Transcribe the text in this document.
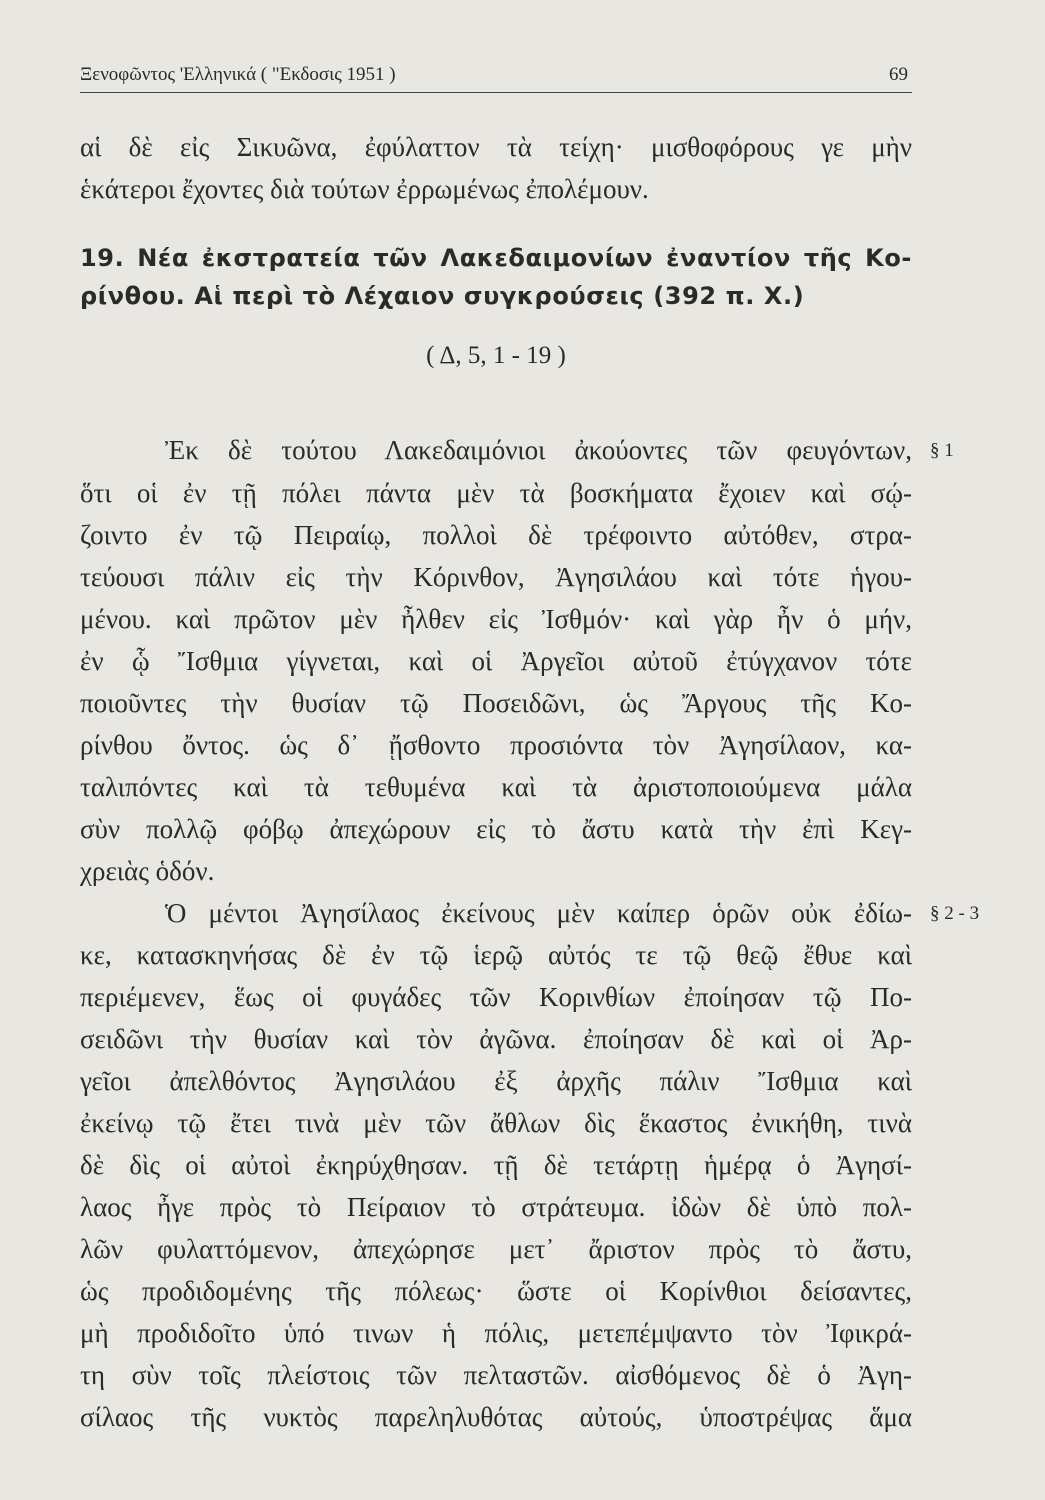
Ξενοφῶντος 'Ελληνικά ( "Εκδοσις 1951 )	69
αἱ δὲ εἰς Σικυῶνα, ἐφύλαττον τὰ τείχη· μισθοφόρους γε μὴν
ἑκάτεροι ἔχοντες διὰ τούτων ἐρρωμένως ἐπολέμουν.
19. Νέα ἐκστρατεία τῶν Λακεδαιμονίων ἐναντίον τῆς Κο-
ρίνθου. Αἱ περὶ τὸ Λέχαιον συγκρούσεις (392 π. Χ.)
( Δ, 5, 1 - 19 )
Ἐκ δὲ τούτου Λακεδαιμόνιοι ἀκούοντες τῶν φευγόντων, § 1
ὅτι οἱ ἐν τῇ πόλει πάντα μὲν τὰ βοσκήματα ἔχοιεν καὶ σῴ-
ζοιντο ἐν τῷ Πειραίῳ, πολλοὶ δὲ τρέφοιντο αὐτόθεν, στρα-
τεύουσι πάλιν εἰς τὴν Κόρινθον, Ἀγησιλάου καὶ τότε ἡγου-
μένου. καὶ πρῶτον μὲν ἦλθεν εἰς Ἰσθμόν· καὶ γὰρ ἦν ὁ μήν,
ἐν ᾧ Ἴσθμια γίγνεται, καὶ οἱ Ἀργεῖοι αὐτοῦ ἐτύγχανον τότε
ποιοῦντες τὴν θυσίαν τῷ Ποσειδῶνι, ὡς Ἄργους τῆς Κο-
ρίνθου ὄντος. ὡς δ᾽ ᾔσθοντο προσιόντα τὸν Ἀγησίλαον, κα-
ταλιπόντες καὶ τὰ τεθυμένα καὶ τὰ ἀριστοποιούμενα μάλα
σὺν πολλῷ φόβῳ ἀπεχώρουν εἰς τὸ ἄστυ κατὰ τὴν ἐπὶ Κεγ-
χρειὰς ὁδόν.
Ὁ μέντοι Ἀγησίλαος ἐκείνους μὲν καίπερ ὁρῶν οὐκ ἐδίω- § 2 - 3
κε, κατασκηνήσας δὲ ἐν τῷ ἱερῷ αὐτός τε τῷ θεῷ ἔθυε καὶ
περιέμενεν, ἕως οἱ φυγάδες τῶν Κορινθίων ἐποίησαν τῷ Πο-
σειδῶνι τὴν θυσίαν καὶ τὸν ἀγῶνα. ἐποίησαν δὲ καὶ οἱ Ἀρ-
γεῖοι ἀπελθόντος Ἀγησιλάου ἐξ ἀρχῆς πάλιν Ἴσθμια καὶ
ἐκείνῳ τῷ ἔτει τινὰ μὲν τῶν ἄθλων δὶς ἕκαστος ἐνικήθη, τινὰ
δὲ δὶς οἱ αὐτοὶ ἐκηρύχθησαν. τῇ δὲ τετάρτῃ ἡμέρᾳ ὁ Ἀγησί-
λαος ἦγε πρὸς τὸ Πείραιον τὸ στράτευμα. ἰδὼν δὲ ὑπὸ πολ-
λῶν φυλαττόμενον, ἀπεχώρησε μετ᾽ ἄριστον πρὸς τὸ ἄστυ,
ὡς προδιδομένης τῆς πόλεως· ὥστε οἱ Κορίνθιοι δείσαντες,
μὴ προδιδοῖτο ὑπό τινων ἡ πόλις, μετεπέμψαντο τὸν Ἰφικρά-
τη σὺν τοῖς πλείστοις τῶν πελταστῶν. αἰσθόμενος δὲ ὁ Ἀγη-
σίλαος τῆς νυκτὸς παρεληλυθότας αὐτούς, ὑποστρέψας ἅμα
